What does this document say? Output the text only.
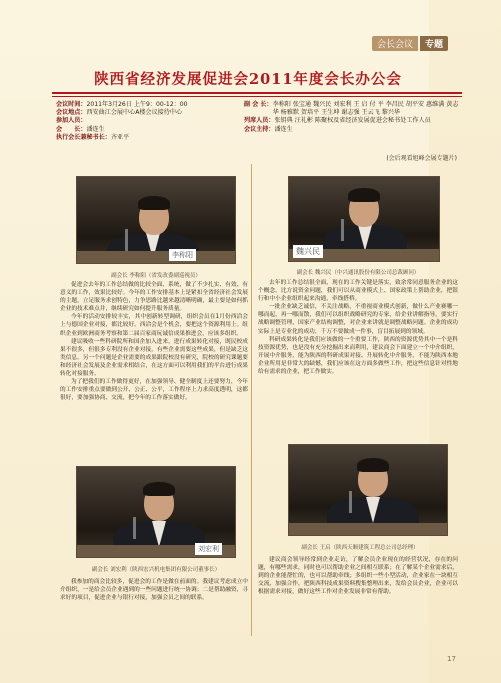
会长会议	专题
陕西省经济发展促进会2011年度会长办公会
会议时间： 2011年3月26日 上午9：00-12：00
会议地点： 西安曲江会展中心A楼会议接待中心
参加人员：
会　　长： 潘连生
执行会长兼秘书长： 齐亚平
副 会 长： 李称阳 张宝通 魏兴民 刘宏利 王 启 付 平 李昌民 胡平安 惠维满 黄志华 杨雅默 贺培平 王生坤 谢志强 王云飞 黎兴华
列席人员： 张钥典 汪礼彬 陈聚权及省经济发展促进会秘书处工作人员
会议主持： 潘连生
(会后观看旭峰会展专题片)
李称阳
副会长 李称阳（省发改委副巡视员）
魏兴民
副会长 魏兴民（中兴通讯股份有限公司总裁顾问）

促进会去年的工作总结做的比较全面、系统，做了不少扎实、有效、有意义的工作，效果比较好。今年的工作安排基本上是紧扣全省经济社会发展的主题，立足服务求创特色，力争思路比越来越清晰明确，最主要是如何抓企业的技术难点并，继续研究如何提升服务质量。

今年的活动安排较丰实，其中创新转型调研，组织会员在1月份西洽会上与德国企业对接，都比较好。西洽会是个机会，要把这个资源利用上。组织企业到欧洲商务考察和第二届百家商玩诚信成果推进会，应该多组织。

建议吸收一些科研院所和国企加入进来，进行成果转化对接，既民校成果不很多，但很多专利没有企业对接，有些企业需要这些成果，但是缺乏这类信息。另一个问题是企业需要的成果跟院校没有研究，院校的研究课题要和经济社会发展及企业需求相结合，在这方面可以利用我们的平台进行成果转化对接服务。

为了把我们的工作做得更好，在加强领导、健全制度上还要努力，今年的工作安排重点要做到公开、公正、公平，工作程序上力求高度透明，这都很好，要加强协商、交流，把今年的工作落实做好。

去年的工作总结很全面，现在的工作关键是落实，致余常同意服务企业的这个概念，比方说资金问题，我们可以从商业模式上、国家政策上帮助企业，把银行和中小企业组织起来沟通，牵线搭桥。

一批企业缺乏诚信，不关注战略，不重视商业模式创新，做什么产业赛哪一哪而起，再一哪而散，我们可以组织战略研究的专家，给企业讲解指导，要实行战略调整管理，国家产业结构调整，对企业来讲就是调整战略问题。企业的成功实际上是专业化的成功，千万不要做成一件事，盲目拓展到的领域。

科研成果转化是我们应该做的一个重要工作，陕西的资源优势其中一个是科技资源优势，也是没有充分挖掘出来而利用，建议商会下面建立一个中介组织，开展中介服务，能为陕西的科研成果对接、升展转化中介服务，不能为陕西本地企业所用是非常大的缺憾，我们应该在这方面多做些工作，把这些信息针对性地给有需求的企业，把工作做实。

刘宏利
副会长 刘宏利（陕西宏兴机电集团有限公司董事长）

我参加的商会比较多，促进会的工作是做在前面的。我建议考虑成立中介组织，一是给会员企业遇到的一些问题进行统一协调；二是帮助融资，寻求好的项目，促进企业与银行对接，加强会员之间的联系。

副会长 王启（陕西天顺建筑工程总公司总经理）

建议商会领导经常到企业走访，了解会员企业现在的经营状况，存在的问题，有哪些需求，同时也可以帮助企业之间相互联系；在了解某个企业需求后，到的企业能帮忙的，也可以帮助牵线；多组织一些小型活动，企业家在一块相互交流，加强合作，把陕西科技成果资料搜集整理出来，发给会员企业，企业可以根据需求对接，做好这些工作对企业发展非常有帮助。

17
